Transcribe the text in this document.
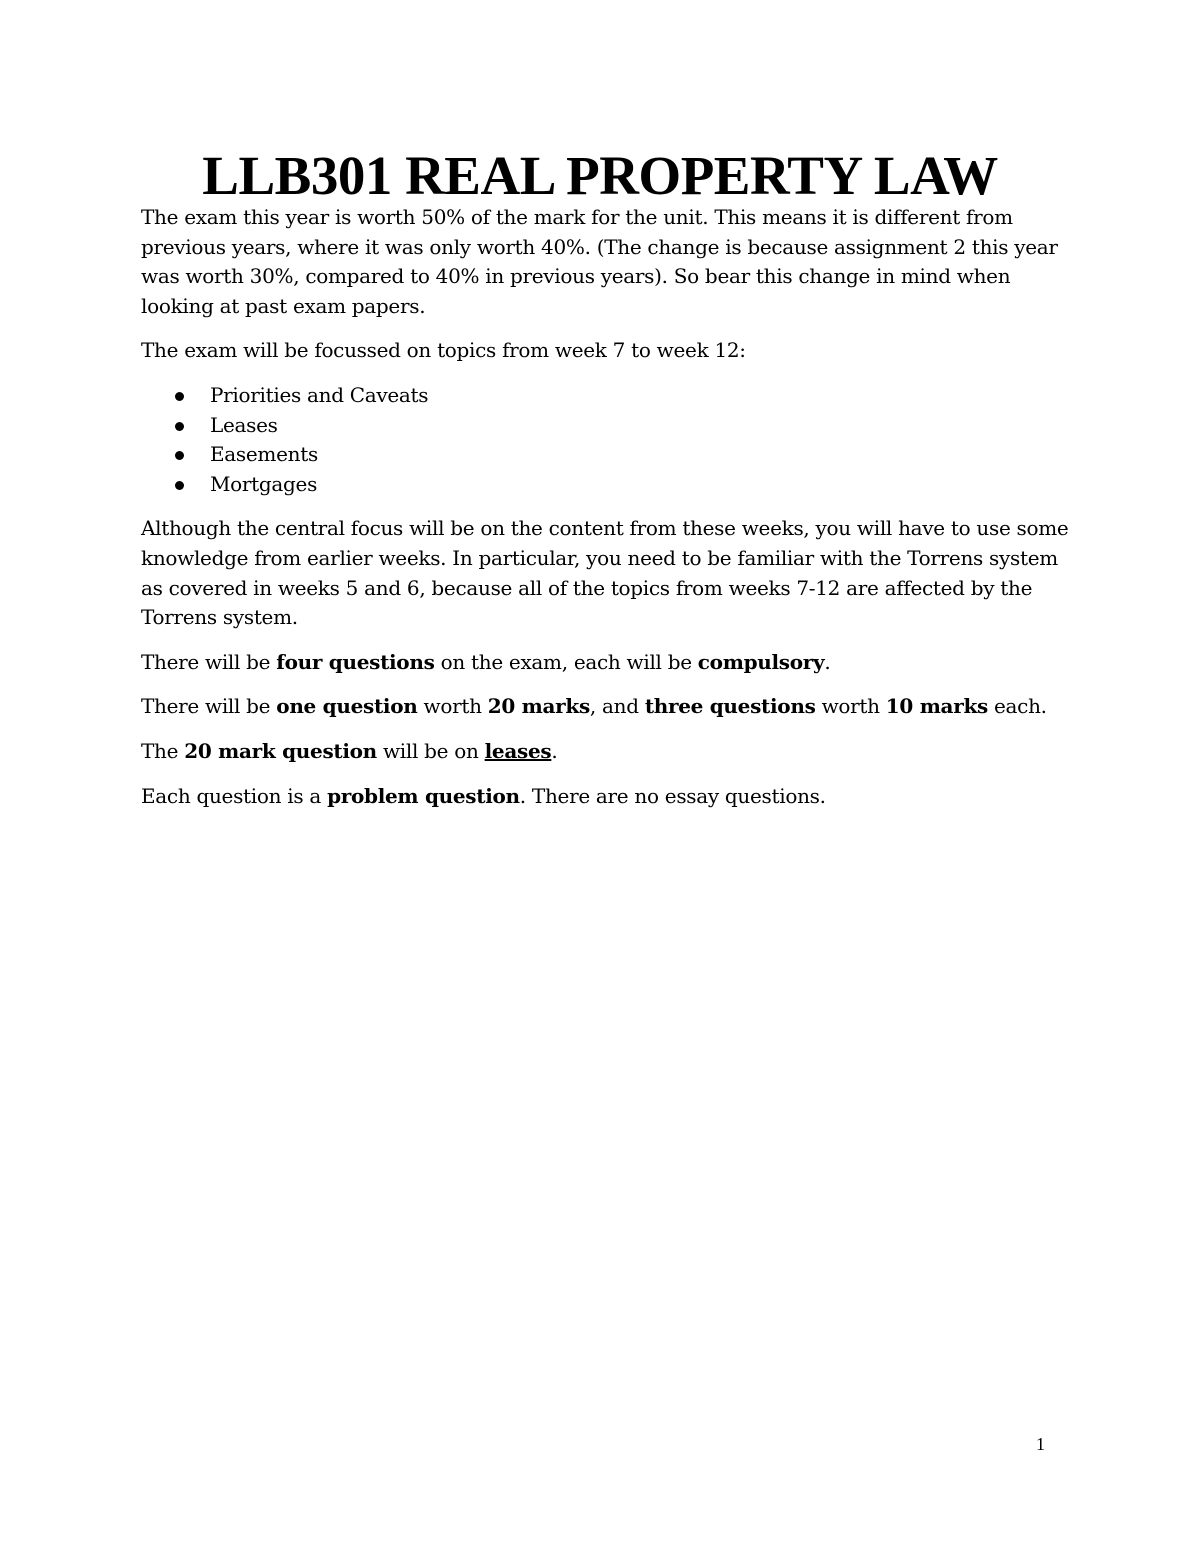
LLB301 REAL PROPERTY LAW

The exam this year is worth 50% of the mark for the unit. This means it is different from previous years, where it was only worth 40%. (The change is because assignment 2 this year was worth 30%, compared to 40% in previous years). So bear this change in mind when looking at past exam papers.

The exam will be focussed on topics from week 7 to week 12:

Priorities and Caveats
Leases
Easements
Mortgages

Although the central focus will be on the content from these weeks, you will have to use some knowledge from earlier weeks. In particular, you need to be familiar with the Torrens system as covered in weeks 5 and 6, because all of the topics from weeks 7-12 are affected by the Torrens system.

There will be four questions on the exam, each will be compulsory.

There will be one question worth 20 marks, and three questions worth 10 marks each.

The 20 mark question will be on leases.

Each question is a problem question. There are no essay questions.

1
